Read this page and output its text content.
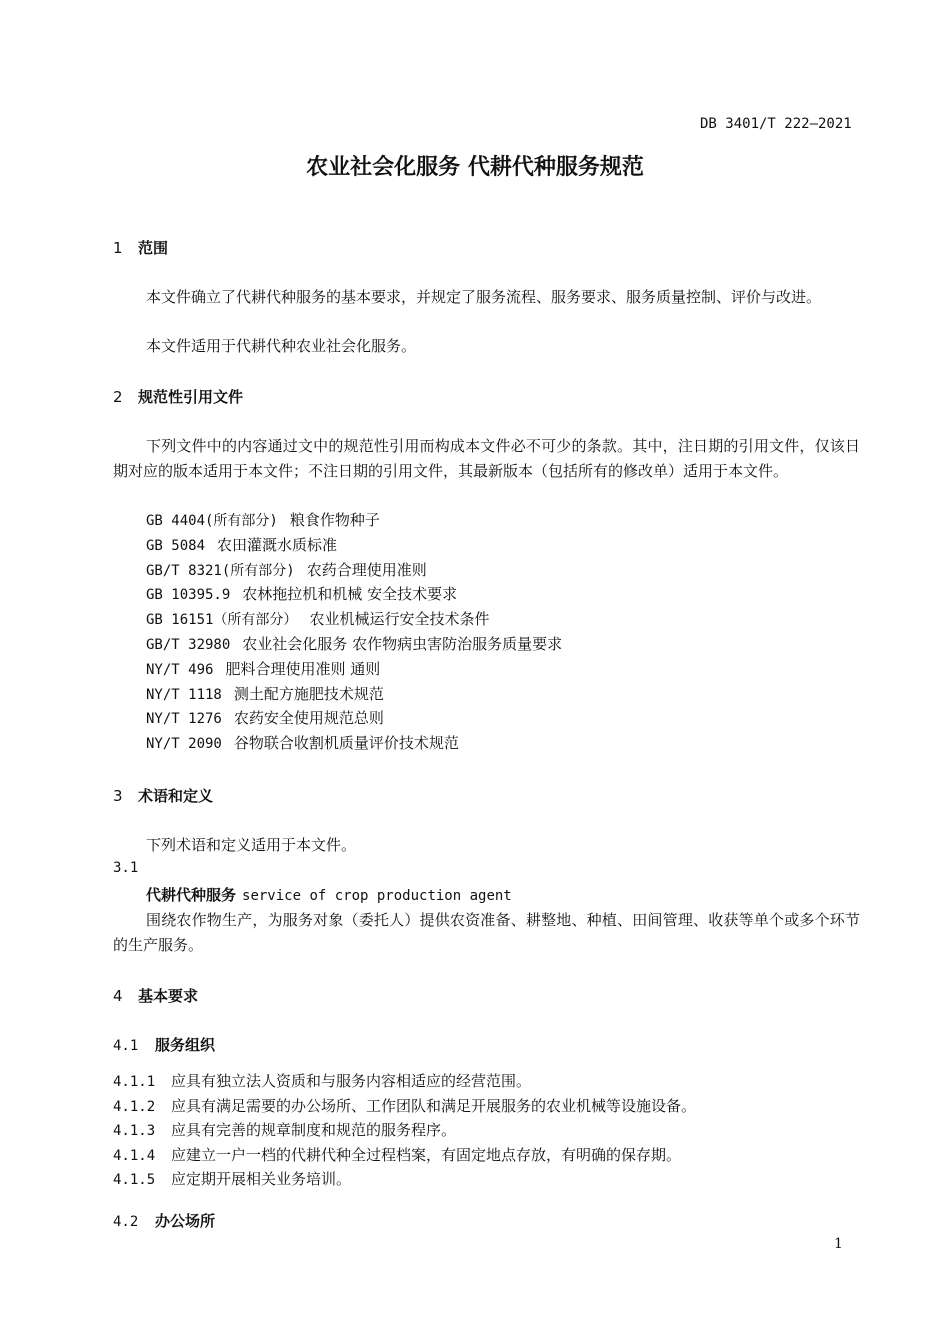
DB 3401/T 222—2021
农业社会化服务 代耕代种服务规范
1 范围
本文件确立了代耕代种服务的基本要求，并规定了服务流程、服务要求、服务质量控制、评价与改进。
本文件适用于代耕代种农业社会化服务。
2 规范性引用文件
下列文件中的内容通过文中的规范性引用而构成本文件必不可少的条款。其中，注日期的引用文件，仅该日期对应的版本适用于本文件；不注日期的引用文件，其最新版本（包括所有的修改单）适用于本文件。
GB 4404(所有部分) 粮食作物种子
GB 5084 农田灌溉水质标准
GB/T 8321(所有部分) 农药合理使用准则
GB 10395.9 农林拖拉机和机械 安全技术要求
GB 16151（所有部分） 农业机械运行安全技术条件
GB/T 32980 农业社会化服务 农作物病虫害防治服务质量要求
NY/T 496 肥料合理使用准则 通则
NY/T 1118 测土配方施肥技术规范
NY/T 1276 农药安全使用规范总则
NY/T 2090 谷物联合收割机质量评价技术规范
3 术语和定义
下列术语和定义适用于本文件。
3.1
代耕代种服务 service of crop production agent
围绕农作物生产，为服务对象（委托人）提供农资准备、耕整地、种植、田间管理、收获等单个或多个环节的生产服务。
4 基本要求
4.1 服务组织
4.1.1 应具有独立法人资质和与服务内容相适应的经营范围。
4.1.2 应具有满足需要的办公场所、工作团队和满足开展服务的农业机械等设施设备。
4.1.3 应具有完善的规章制度和规范的服务程序。
4.1.4 应建立一户一档的代耕代种全过程档案，有固定地点存放，有明确的保存期。
4.1.5 应定期开展相关业务培训。
4.2 办公场所
1
